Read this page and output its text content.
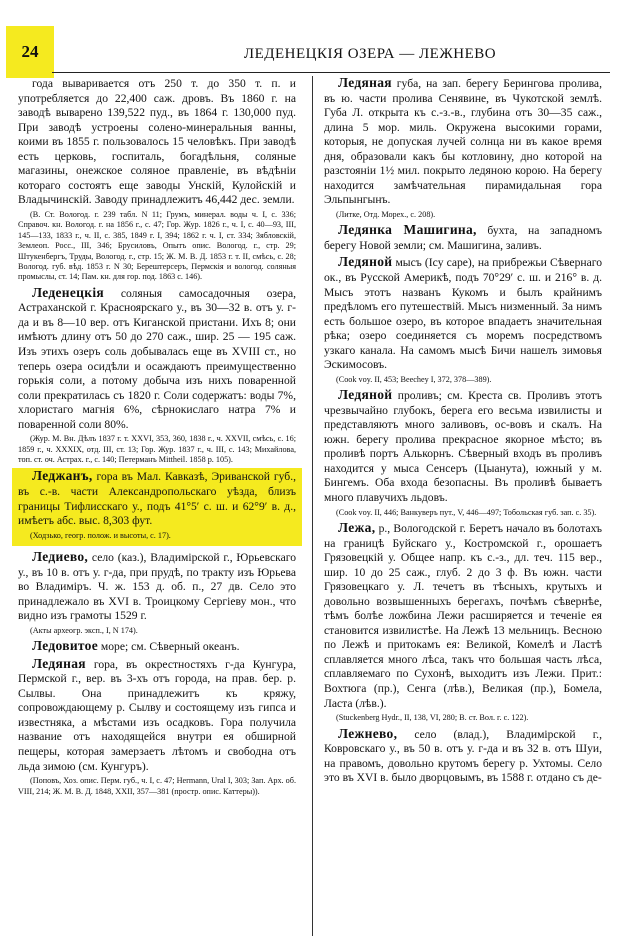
24	ЛЕДЕНЕЦКІЯ ОЗЕРА — ЛЕЖНЕВО

года вываривается отъ 250 т. до 350 т. п. и употребляется до 22,400 саж. дровъ. Въ 1860 г. на заводѣ выварено 139,522 пуд., въ 1864 г. 130,000 пуд. При заводѣ устроены солено-минеральныя ванны, коими въ 1855 г. пользовалось 15 человѣкъ. При заводѣ есть церковь, госпиталь, богадѣльня, соляные магазины, онежское соляное правленіе, въ вѣдѣніи котораго состоятъ еще заводы Унскій, Кулойскій и Владычинскій. Заводу принадлежитъ 46,442 дес. земли.

(В. Ст. Вологод. г. 239 табл. N 11; Грумъ, минерал. воды ч. I, с. 336; Справоч. кн. Вологод. г. на 1856 г., с. 47; Гор. Жур. 1826 г., ч. I, с. 40—93, III, 145—133, 1833 г., ч. II, с. 385, 1849 г. I, 394; 1862 г. ч. I, ст. 334; Зябловскій, Землеоп. Росс., III, 346; Брусиловъ, Опытъ опис. Вологод. г., стр. 29; Штукенбергъ, Труды, Вологод. г., стр. 15; Ж. М. В. Д. 1853 г. т. II, смѣсь, с. 28; Вологод. губ. вѣд. 1853 г. N 30; Берештерсеръ, Пермскія и вологод. соляныя промыслы, ст. 14; Пам. кн. для гор. под. 1863 с. 146).

Леденецкія соляныя самосадочныя озера, Астраханской г. Красноярскаго у., въ 30—32 в. отъ у. г-да и въ 8—10 вер. отъ Киганской пристани. Ихъ 8; они имѣютъ длину отъ 50 до 270 саж., шир. 25 — 195 саж. Изъ этихъ озеръ соль добывалась еще въ XVIII ст., но теперь озера осидѣли и осаждаютъ преимущественно горькія соли, а потому добыча изъ нихъ поваренной соли прекратилась съ 1820 г. Соли содержатъ: воды 7%, хлористаго магнія 6%, сѣрнокислаго натра 7% и поваренной соли 80%.

(Жур. М. Вн. Дѣлъ 1837 г. т. XXVI, 353, 360, 1838 г., ч. XXVII, смѣсь, с. 16; 1859 г., ч. XXXIX, отд. III, ст. 13; Гор. Жур. 1837 г., ч. III, с. 143; Михайлова, топ. ст. оч. Астрах. г., с. 140; Петерманъ Mittheil. 1858 р. 105).

Леджанъ, гора въ Мал. Кавказѣ, Эриванской губ., въ с.-в. части Александропольскаго уѣзда, близъ границы Тифлисскаго у., подъ 41°5′ с. ш. и 62°9′ в. д., имѣетъ абс. выс. 8,303 фут.

(Ходзько, геогр. полож. и высоты, с. 17).

Ледиево, село (каз.), Владимірской г., Юрьевскаго у., въ 10 в. отъ у. г-да, при прудѣ, по тракту изъ Юрьева во Владиміръ. Ч. ж. 153 д. об. п., 27 дв. Село это принадлежало въ XVI в. Троицкому Сергіеву мон., что видно изъ грамоты 1529 г.

(Акты археогр. эксп., I, N 174).

Ледовитое море; см. Сѣверный океанъ.

Ледяная гора, въ окрестностяхъ г-да Кунгура, Пермской г., вер. въ 3-хъ отъ города, на прав. бер. р. Сылвы. Она принадлежитъ къ кряжу, сопровождающему р. Сылву и состоящему изъ гипса и известняка, а мѣстами изъ осадковъ. Гора получила название отъ находящейся внутри ея обширной пещеры, которая замерзаетъ лѣтомъ и свободна отъ льда зимою (см. Кунгуръ).

(Поповъ, Хоз. опис. Перм. губ., ч. I, с. 47; Hermann, Ural I, 303; Зап. Арх. об. VIII, 214; Ж. М. В. Д. 1848, XXII, 357—381 (простр. опис. Каттеры)).

Ледяная губа, на зап. берегу Берингова пролива, въ ю. части пролива Сенявине, въ Чукотской землѣ. Губа Л. открыта къ с.-з.-в., глубина отъ 30—35 саж., длина 5 мор. миль. Окружена высокими горами, которыя, не допуская лучей солнца ни въ какое время дня, образовали какъ бы котловину, дно которой на разстояніи 1½ мил. покрыто ледяною корою. На берегу находится замѣчательная пирамидальная гора Эльпынгынъ.

(Литке, Отд. Морех., с. 208).

Ледянка Машигина, бухта, на западномъ берегу Новой земли; см. Машигина, заливъ.

Ледяной мысъ (Icy cape), на прибрежьи Сѣвернаго ок., въ Русской Америкѣ, подъ 70°29′ с. ш. и 216° в. д. Мысъ этотъ названъ Кукомъ и былъ крайнимъ предѣломъ его путешествій. Мысъ низменный. За нимъ есть большое озеро, въ которое впадаетъ значительная рѣка; озеро соединяется съ моремъ посредствомъ узкаго канала. На самомъ мысѣ Бичи нашелъ зимовья Эскимосовъ.

(Cook voy. II, 453; Beechey I, 372, 378—389).

Ледяной проливъ; см. Креста св. Проливъ этотъ чрезвычайно глубокъ, берега его весьма извилисты и представляютъ много заливовъ, ос-вовъ и скалъ. На южн. берегу пролива прекрасное якорное мѣсто; въ проливѣ портъ Алькорнъ. Сѣверный входъ въ проливъ находится у мыса Сенсеръ (Цыанута), южный у м. Бингемъ. Оба входа безопасны. Въ проливѣ бываетъ много плавучихъ льдовъ.

(Cook voy. II, 446; Ванкуверъ пут., V, 446—497; Тобольская губ. зап. с. 35).

Лежа, р., Вологодской г. Беретъ начало въ болотахъ на границѣ Буйскаго у., Костромской г., орошаетъ Грязовецкій у. Общее напр. къ с.-з., дл. теч. 115 вер., шир. 10 до 25 саж., глуб. 2 до 3 ф. Въ южн. части Грязовецкаго у. Л. течетъ въ тѣсныхъ, крутыхъ и довольно возвышенныхъ берегахъ, почѣмъ сѣвернѣе, тѣмъ болѣе ложбина Лежи расширяется и теченіе ея становится извилистѣе. На Лежѣ 13 мельницъ. Весною по Лежѣ и притокамъ ея: Великой, Комелѣ и Ластѣ сплавляется много лѣса, такъ что большая часть лѣса, сплавляемаго по Сухонѣ, выходитъ изъ Лежи. Прит.: Вохтюга (пр.), Сенга (лѣв.), Великая (пр.), Бомела, Ласта (лѣв.).

(Stuckenberg Hydr., II, 138, VI, 280; В. ст. Вол. г. с. 122).

Лежнево, село (влад.), Владимірской г., Ковровскаго у., въ 50 в. отъ у. г-да и въ 32 в. отъ Шуи, на правомъ, довольно крутомъ берегу р. Ухтомы. Село это въ XVI в. было дворцовымъ, въ 1588 г. отдано съ де-
